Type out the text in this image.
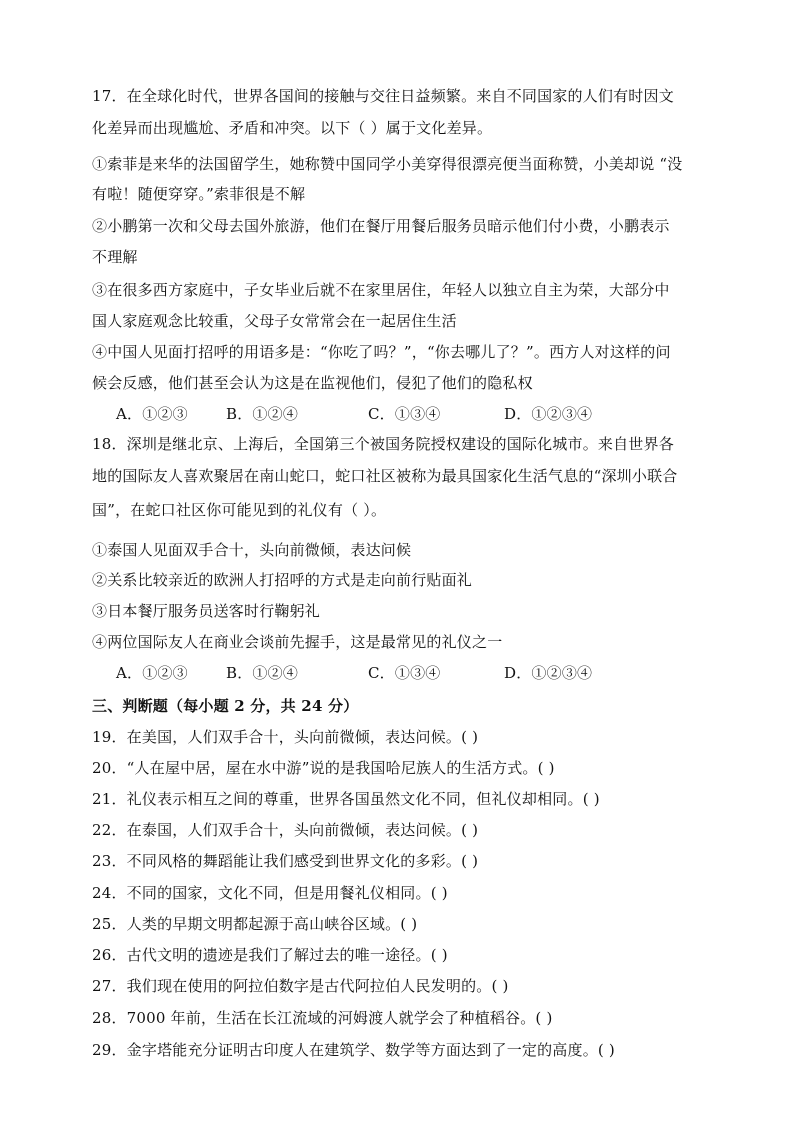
17．在全球化时代，世界各国间的接触与交往日益频繁。来自不同国家的人们有时因文
化差异而出现尴尬、矛盾和冲突。以下（ ）属于文化差异。
①索菲是来华的法国留学生，她称赞中国同学小美穿得很漂亮便当面称赞，小美却说 “没
有啦！随便穿穿。”索菲很是不解
②小鹏第一次和父母去国外旅游，他们在餐厅用餐后服务员暗示他们付小费，小鹏表示
不理解
③在很多西方家庭中，子女毕业后就不在家里居住，年轻人以独立自主为荣，大部分中
国人家庭观念比较重，父母子女常常会在一起居住生活
④中国人见面打招呼的用语多是：“你吃了吗？”，“你去哪儿了？”。西方人对这样的问
候会反感，他们甚至会认为这是在监视他们，侵犯了他们的隐私权
A．①②③	B．①②④	C．①③④	D．①②③④
18．深圳是继北京、上海后，全国第三个被国务院授权建设的国际化城市。来自世界各
地的国际友人喜欢聚居在南山蛇口，蛇口社区被称为最具国家化生活气息的“深圳小联合
国”，在蛇口社区你可能见到的礼仪有（ ）。
①泰国人见面双手合十，头向前微倾，表达问候
②关系比较亲近的欧洲人打招呼的方式是走向前行贴面礼
③日本餐厅服务员送客时行鞠躬礼
④两位国际友人在商业会谈前先握手，这是最常见的礼仪之一
A．①②③	B．①②④	C．①③④	D．①②③④
三、判断题（每小题 2 分，共 24 分）
19．在美国，人们双手合十，头向前微倾，表达问候。( )
20．“人在屋中居，屋在水中游”说的是我国哈尼族人的生活方式。( )
21．礼仪表示相互之间的尊重，世界各国虽然文化不同，但礼仪却相同。( )
22．在泰国，人们双手合十，头向前微倾，表达问候。( )
23．不同风格的舞蹈能让我们感受到世界文化的多彩。( )
24．不同的国家，文化不同，但是用餐礼仪相同。( )
25．人类的早期文明都起源于高山峡谷区域。( )
26．古代文明的遗迹是我们了解过去的唯一途径。( )
27．我们现在使用的阿拉伯数字是古代阿拉伯人民发明的。( )
28．7000 年前，生活在长江流域的河姆渡人就学会了种植稻谷。( )
29．金字塔能充分证明古印度人在建筑学、数学等方面达到了一定的高度。( )
